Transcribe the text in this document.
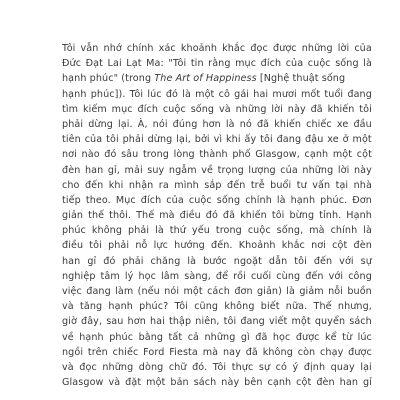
Tôi vẫn nhớ chính xác khoảnh khắc đọc được những lời của
Đức Đạt Lai Lạt Ma: "Tôi tin rằng mục đích của cuộc sống là
hạnh phúc" (trong The Art of Happiness [Nghệ thuật sống
hạnh phúc]). Tôi lúc đó là một cô gái hai mươi mốt tuổi đang
tìm kiếm mục đích cuộc sống và những lời này đã khiến tôi
phải dừng lại. À, nói đúng hơn là nó đã khiến chiếc xe đầu
tiên của tôi phải dừng lại, bởi vì khi ấy tôi đang đậu xe ở một
nơi nào đó sâu trong lòng thành phố Glasgow, cạnh một cột
đèn han gỉ, mải suy ngẫm về trọng lượng của những lời này
cho đến khi nhận ra mình sắp đến trễ buổi tư vấn tại nhà
tiếp theo. Mục đích của cuộc sống chính là hạnh phúc. Đơn
giản thế thôi. Thế mà điều đó đã khiến tôi bừng tỉnh. Hạnh
phúc không phải là thứ yếu trong cuộc sống, mà chính là
điều tôi phải nỗ lực hướng đến. Khoảnh khắc nơi cột đèn
han gỉ đó phải chăng là bước ngoặt dẫn tôi đến với sự
nghiệp tâm lý học lâm sàng, để rồi cuối cùng đến với công
việc đang làm (nếu nói một cách đơn giản) là giảm nỗi buồn
và tăng hạnh phúc? Tôi cũng không biết nữa. Thế nhưng,
giờ đây, sau hơn hai thập niên, tôi đang viết một quyển sách
về hạnh phúc bằng tất cả những gì đã học được kể từ lúc
ngồi trên chiếc Ford Fiesta mà nay đã không còn chạy được
và đọc những dòng chữ đó. Tôi thực sự có ý định quay lại
Glasgow và đặt một bản sách này bên cạnh cột đèn han gỉ
